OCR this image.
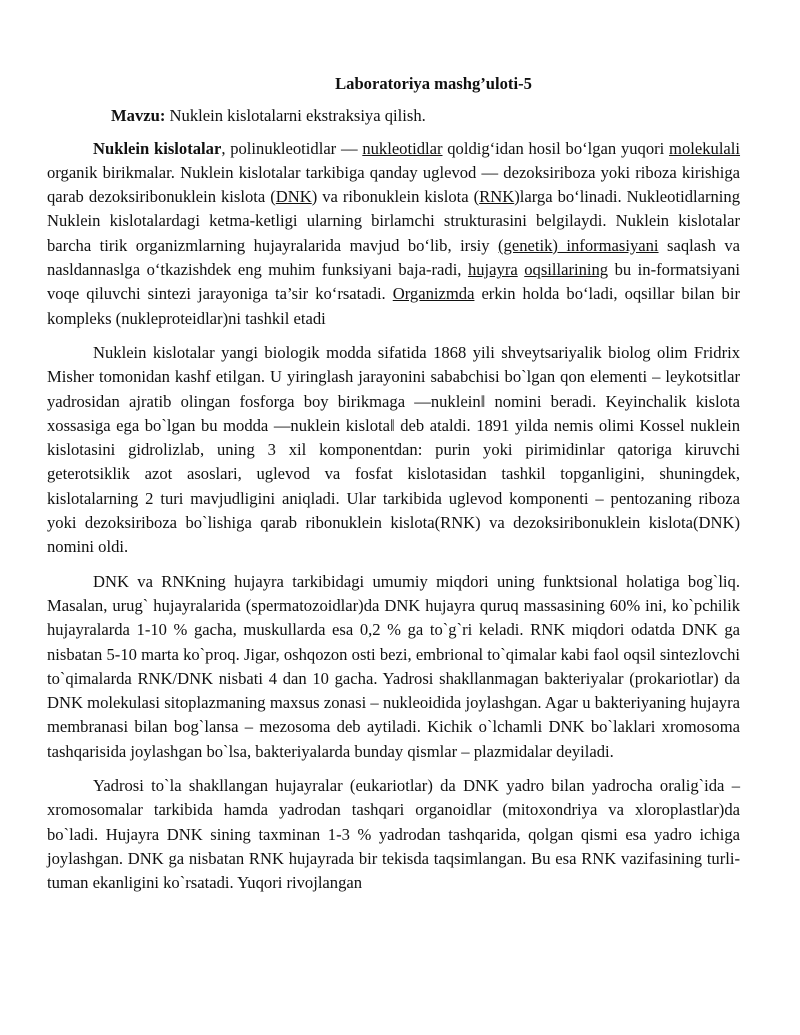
Laboratoriya mashg’uloti-5
Mavzu: Nuklein kislotalarni ekstraksiya qilish.

Nuklein kislotalar, polinukleotidlar — nukleotidlar qoldig‘idan hosil bo‘lgan yuqori molekulali organik birikmalar. Nuklein kislotalar tarkibiga qanday uglevod — dezoksiriboza yoki riboza kirishiga qarab dezoksiribonuklein kislota (DNK) va ribonuklein kislota (RNK)larga bo‘linadi. Nukleotidlarning Nuklein kislotalardagi ketma-ketligi ularning birlamchi strukturasini belgilaydi. Nuklein kislotalar barcha tirik organizmlarning hujayralarida mavjud bo‘lib, irsiy (genetik) informasiyani saqlash va nasldannaslga o‘tkazishdek eng muhim funksiyani baja-radi, hujayra oqsillarining bu in-formatsiyani voqe qiluvchi sintezi jarayoniga ta’sir ko‘rsatadi. Organizmda erkin holda bo‘ladi, oqsillar bilan bir kompleks (nukleproteidlar)ni tashkil etadi

Nuklein kislotalar yangi biologik modda sifatida 1868 yili shveytsariyalik biolog olim Fridrix Misher tomonidan kashf etilgan. U yiringlash jarayonini sababchisi bo`lgan qon elementi – leykotsitlar yadrosidan ajratib olingan fosforga boy birikmaga ―nuklein‖ nomini beradi. Keyinchalik kislota xossasiga ega bo`lgan bu modda ―nuklein kislota‖ deb ataldi. 1891 yilda nemis olimi Kossel nuklein kislotasini gidrolizlab, uning 3 xil komponentdan: purin yoki pirimidinlar qatoriga kiruvchi geterotsiklik azot asoslari, uglevod va fosfat kislotasidan tashkil topganligini, shuningdek, kislotalarning 2 turi mavjudligini aniqladi. Ular tarkibida uglevod komponenti – pentozaning riboza yoki dezoksiriboza bo`lishiga qarab ribonuklein kislota(RNK) va dezoksiribonuklein kislota(DNK) nomini oldi.

DNK va RNKning hujayra tarkibidagi umumiy miqdori uning funktsional holatiga bog`liq. Masalan, urug` hujayralarida (spermatozoidlar)da DNK hujayra quruq massasining 60% ini, ko`pchilik hujayralarda 1-10 % gacha, muskullarda esa 0,2 % ga to`g`ri keladi. RNK miqdori odatda DNK ga nisbatan 5-10 marta ko`proq. Jigar, oshqozon osti bezi, embrional to`qimalar kabi faol oqsil sintezlovchi to`qimalarda RNK/DNK nisbati 4 dan 10 gacha. Yadrosi shakllanmagan bakteriyalar (prokariotlar) da DNK molekulasi sitoplazmaning maxsus zonasi – nukleoidida joylashgan. Agar u bakteriyaning hujayra membranasi bilan bog`lansa – mezosoma deb aytiladi. Kichik o`lchamli DNK bo`laklari xromosoma tashqarisida joylashgan bo`lsa, bakteriyalarda bunday qismlar – plazmidalar deyiladi.

Yadrosi to`la shakllangan hujayralar (eukariotlar) da DNK yadro bilan yadrocha oralig`ida – xromosomalar tarkibida hamda yadrodan tashqari organoidlar (mitoxondriya va xloroplastlar)da bo`ladi. Hujayra DNK sining taxminan 1-3 % yadrodan tashqarida, qolgan qismi esa yadro ichiga joylashgan. DNK ga nisbatan RNK hujayrada bir tekisda taqsimlangan. Bu esa RNK vazifasining turli-tuman ekanligini ko`rsatadi. Yuqori rivojlangan
